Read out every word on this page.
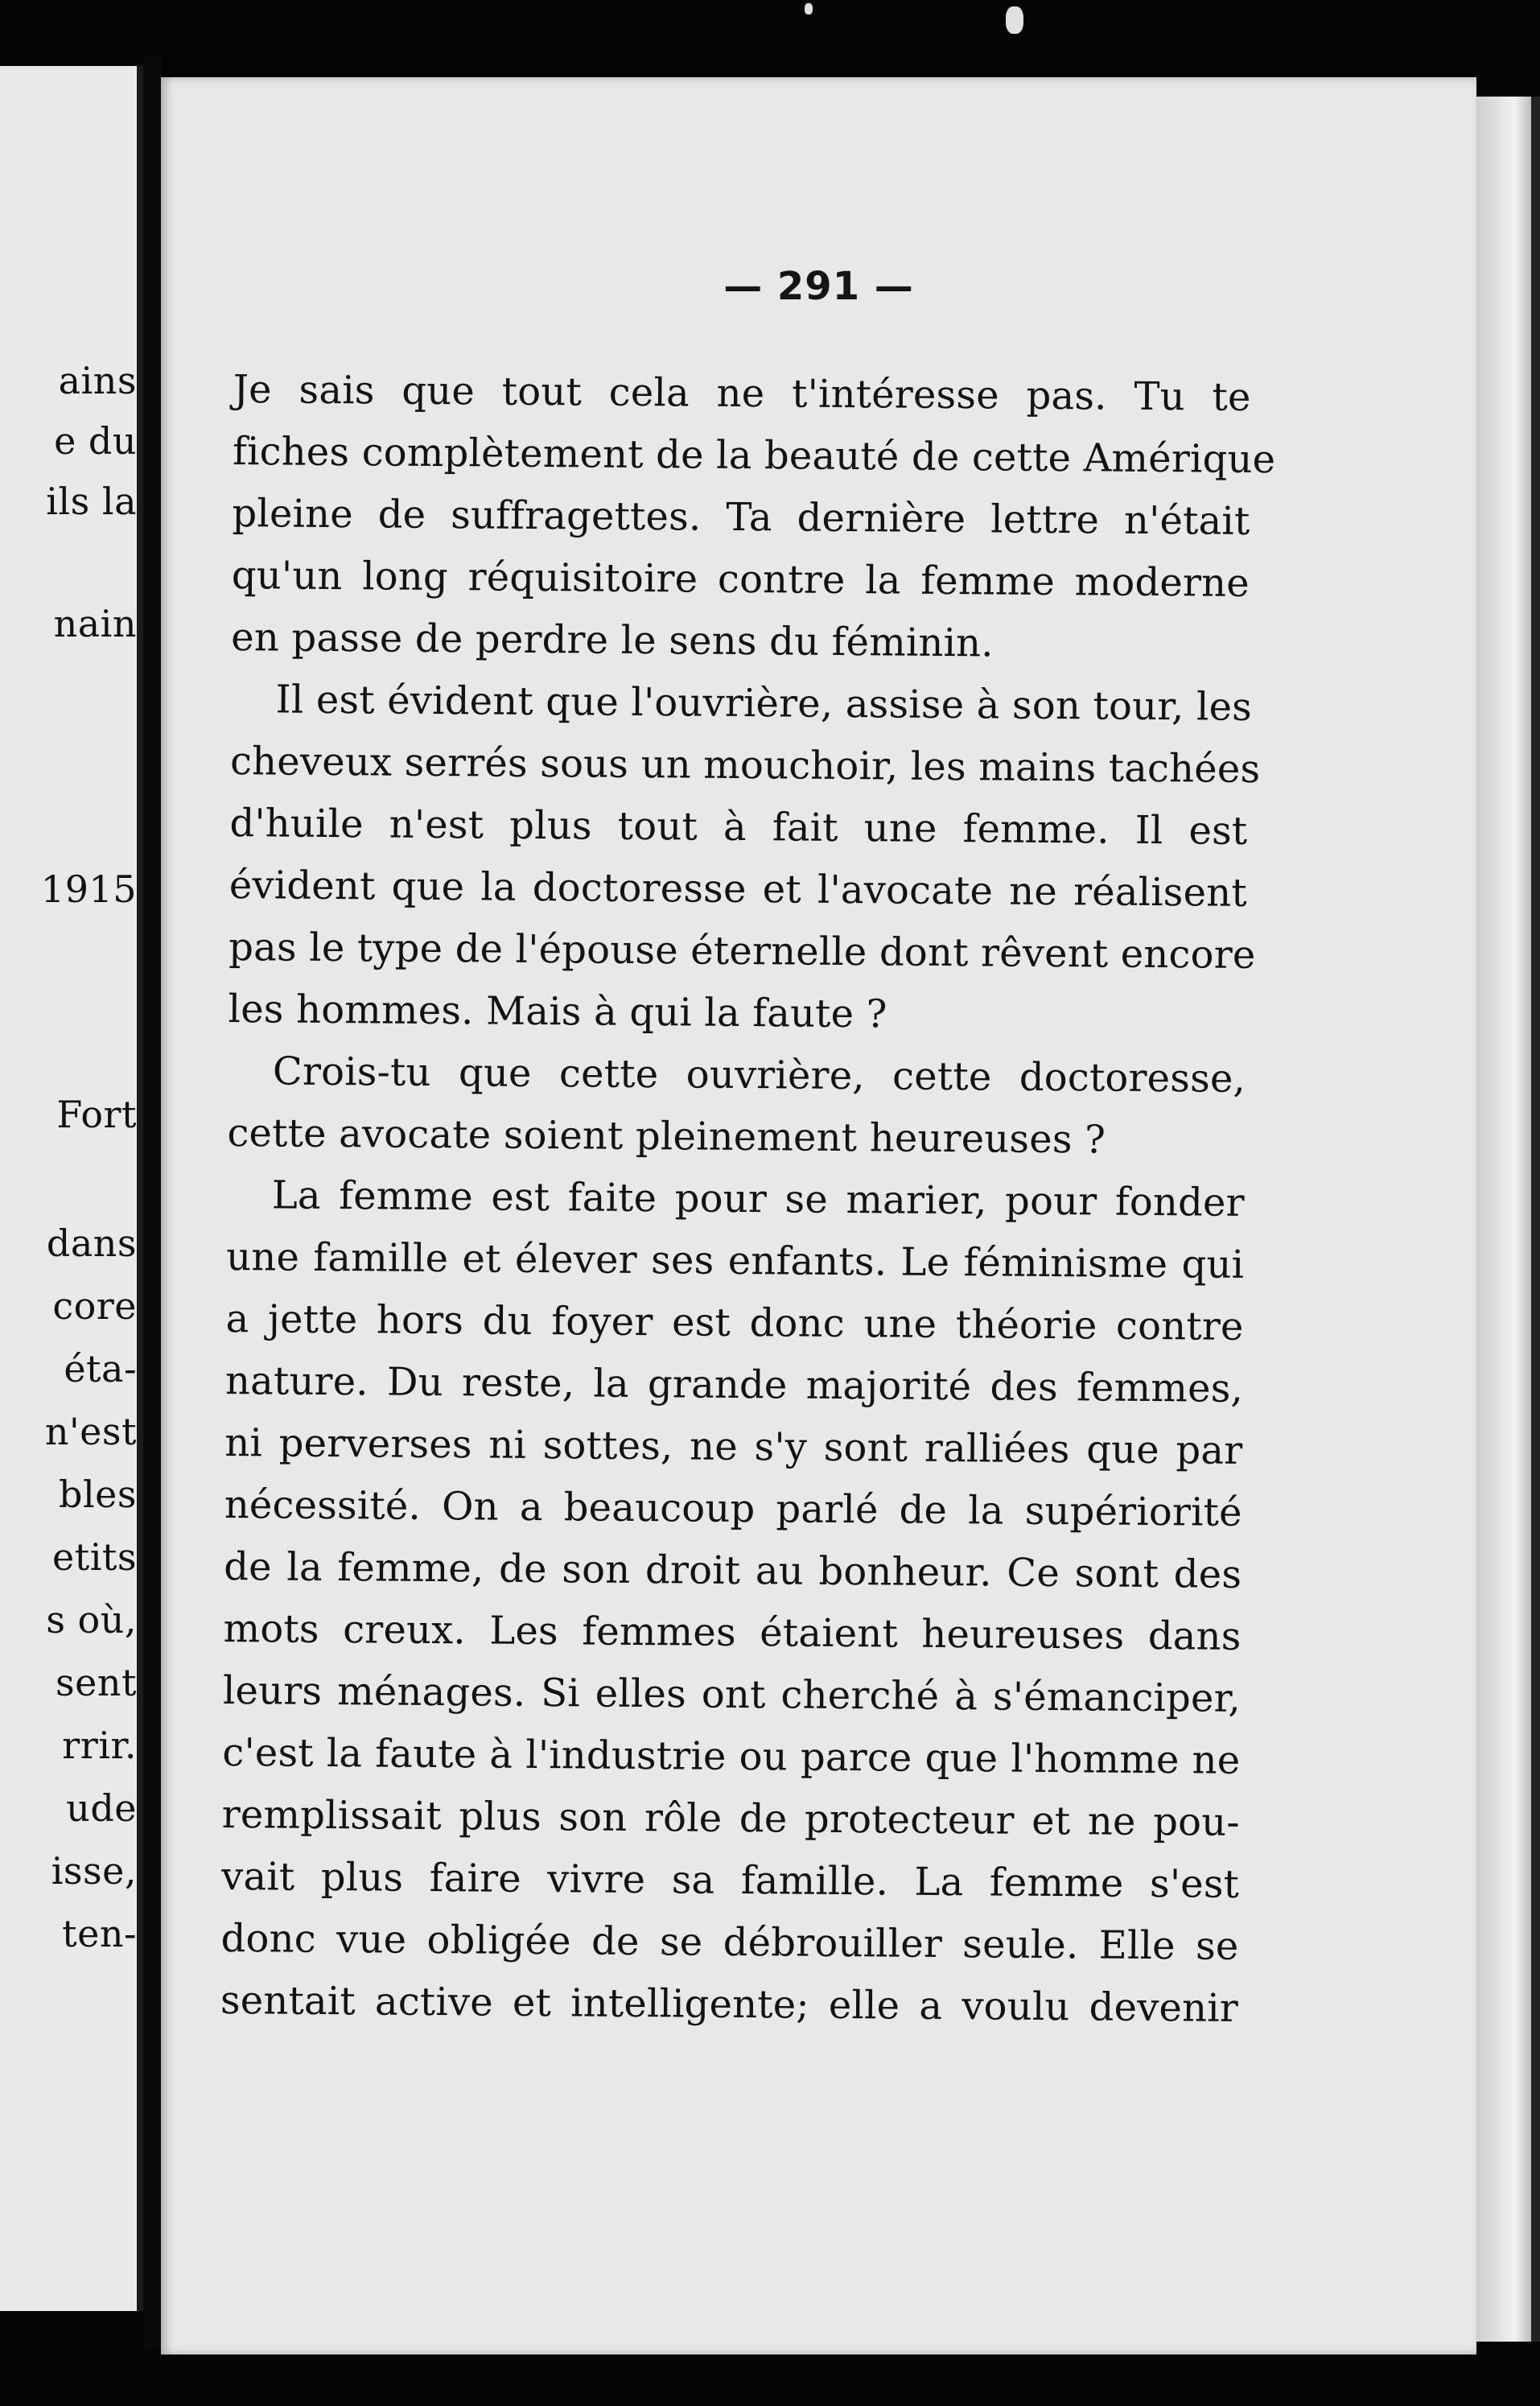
ains

e du

ils la

nain

1915

Fort

dans

core

éta-

n'est

bles

etits

s où,

sent

rrir.

ude

isse,

ten-

— 291 —

Je sais que tout cela ne t'intéresse pas. Tu te
fiches complètement de la beauté de cette Amérique
pleine de suffragettes. Ta dernière lettre n'était
qu'un long réquisitoire contre la femme moderne
en passe de perdre le sens du féminin.
Il est évident que l'ouvrière, assise à son tour, les
cheveux serrés sous un mouchoir, les mains tachées
d'huile n'est plus tout à fait une femme. Il est
évident que la doctoresse et l'avocate ne réalisent
pas le type de l'épouse éternelle dont rêvent encore
les hommes. Mais à qui la faute ?
Crois-tu que cette ouvrière, cette doctoresse,
cette avocate soient pleinement heureuses ?
La femme est faite pour se marier, pour fonder
une famille et élever ses enfants. Le féminisme qui
a jette hors du foyer est donc une théorie contre
nature. Du reste, la grande majorité des femmes,
ni perverses ni sottes, ne s'y sont ralliées que par
nécessité. On a beaucoup parlé de la supériorité
de la femme, de son droit au bonheur. Ce sont des
mots creux. Les femmes étaient heureuses dans
leurs ménages. Si elles ont cherché à s'émanciper,
c'est la faute à l'industrie ou parce que l'homme ne
remplissait plus son rôle de protecteur et ne pou-
vait plus faire vivre sa famille. La femme s'est
donc vue obligée de se débrouiller seule. Elle se
sentait active et intelligente; elle a voulu devenir
